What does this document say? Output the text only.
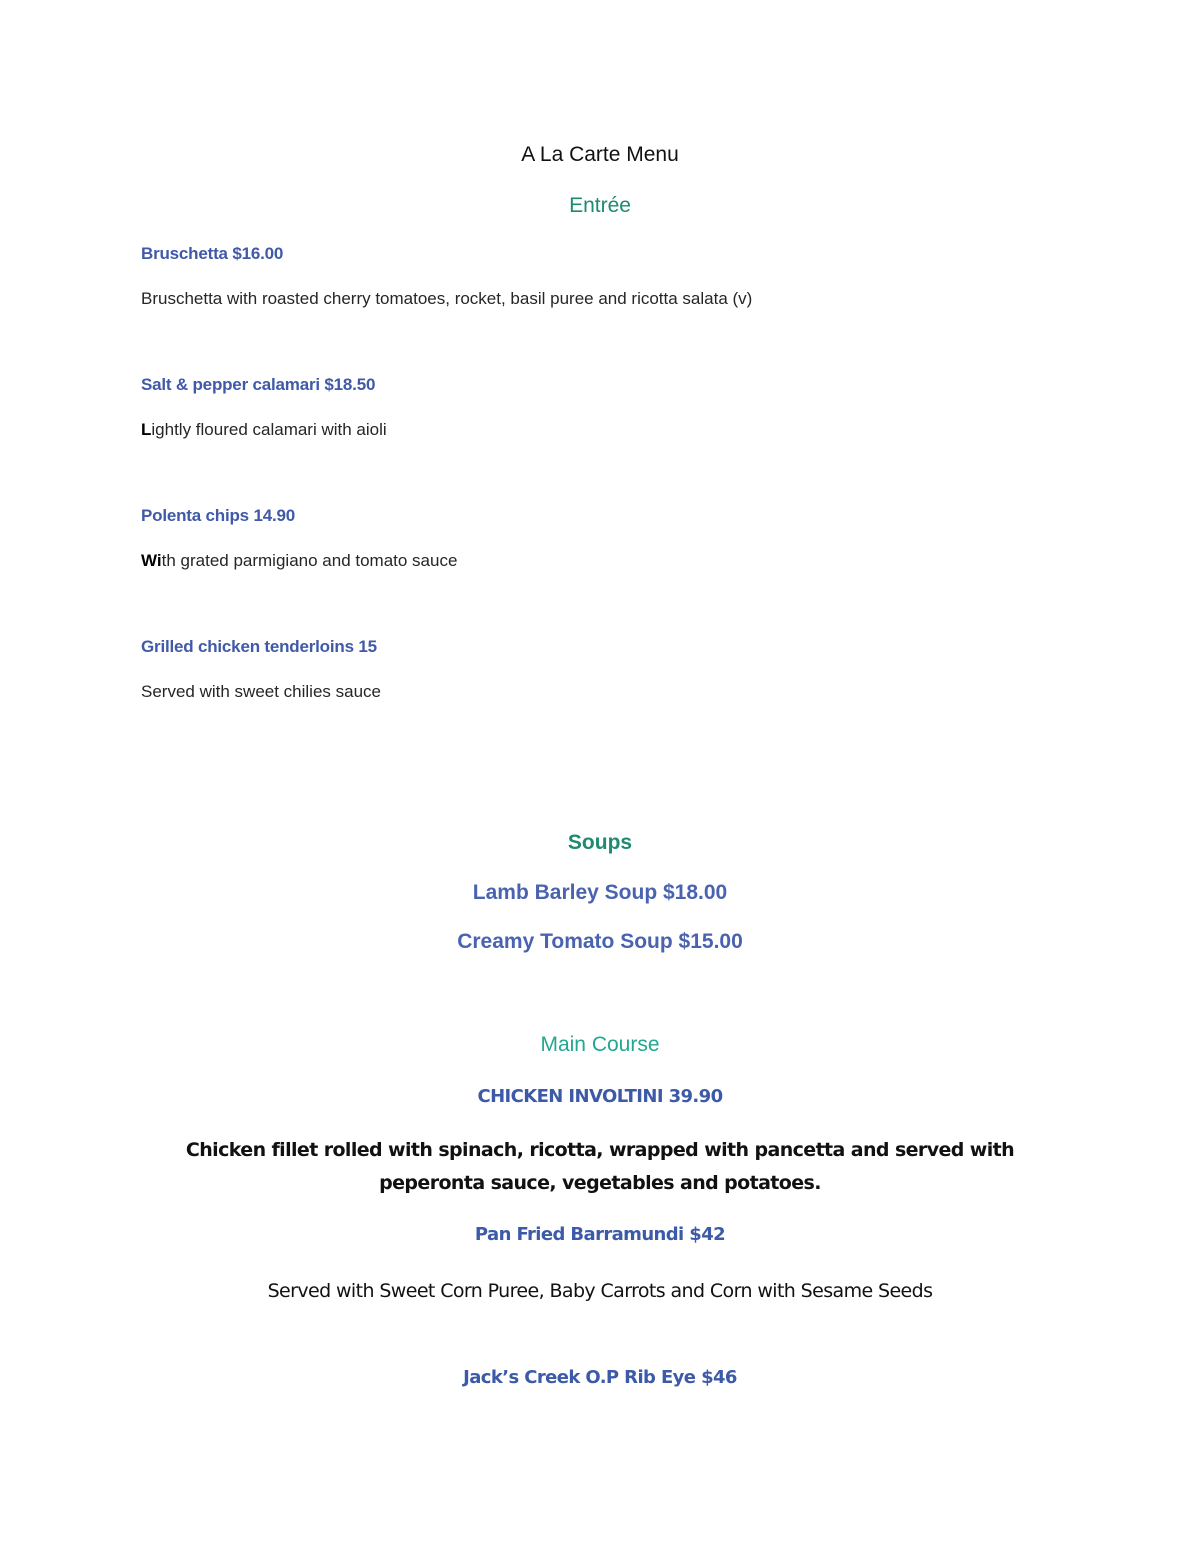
A La Carte Menu
Entrée
Bruschetta $16.00
Bruschetta with roasted cherry tomatoes, rocket, basil puree and ricotta salata (v)
Salt & pepper calamari $18.50
Lightly floured calamari with aioli
Polenta chips 14.90
With grated parmigiano and tomato sauce
Grilled chicken tenderloins 15
Served with sweet chilies sauce
Soups
Lamb Barley Soup $18.00
Creamy Tomato Soup $15.00
Main Course
CHICKEN INVOLTINI 39.90
Chicken fillet rolled with spinach, ricotta, wrapped with pancetta and served with peperonta sauce, vegetables and potatoes.
Pan Fried Barramundi $42
Served with Sweet Corn Puree, Baby Carrots and Corn with Sesame Seeds
Jack’s Creek O.P Rib Eye $46
